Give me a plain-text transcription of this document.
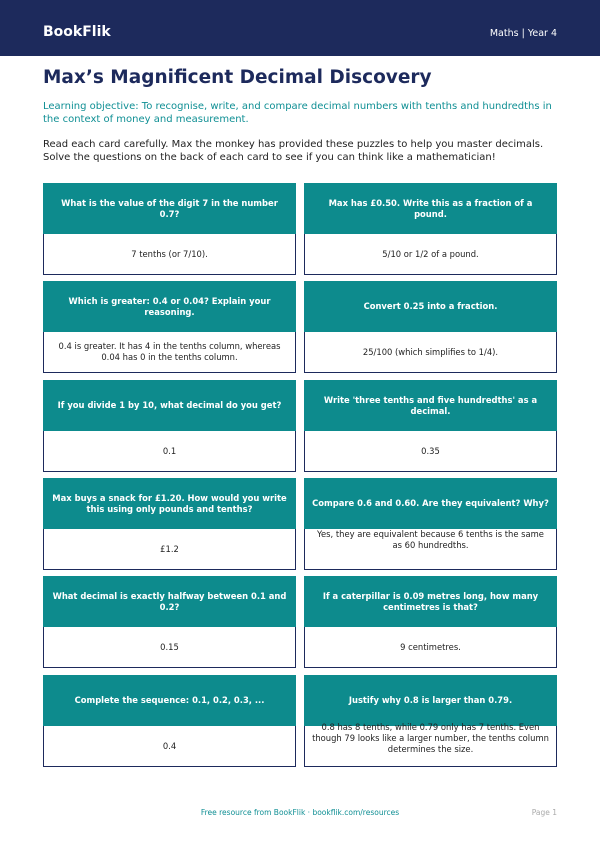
BookFlik	Maths | Year 4
Max’s Magnificent Decimal Discovery

Learning objective: To recognise, write, and compare decimal numbers with tenths and hundredths in the context of money and measurement.

Read each card carefully. Max the monkey has provided these puzzles to help you master decimals. Solve the questions on the back of each card to see if you can think like a mathematician!

What is the value of the digit 7 in the number 0.7?
7 tenths (or 7/10).
Max has £0.50. Write this as a fraction of a pound.
5/10 or 1/2 of a pound.
Which is greater: 0.4 or 0.04? Explain your reasoning.
0.4 is greater. It has 4 in the tenths column, whereas 0.04 has 0 in the tenths column.
Convert 0.25 into a fraction.
25/100 (which simplifies to 1/4).
If you divide 1 by 10, what decimal do you get?
0.1
Write 'three tenths and five hundredths' as a decimal.
0.35
Max buys a snack for £1.20. How would you write this using only pounds and tenths?
£1.2
Compare 0.6 and 0.60. Are they equivalent? Why?
Yes, they are equivalent because 6 tenths is the same as 60 hundredths.
What decimal is exactly halfway between 0.1 and 0.2?
0.15
If a caterpillar is 0.09 metres long, how many centimetres is that?
9 centimetres.
Complete the sequence: 0.1, 0.2, 0.3, ...
0.4
Justify why 0.8 is larger than 0.79.
0.8 has 8 tenths, while 0.79 only has 7 tenths. Even though 79 looks like a larger number, the tenths column determines the size.
Free resource from BookFlik · bookflik.com/resources	Page 1
